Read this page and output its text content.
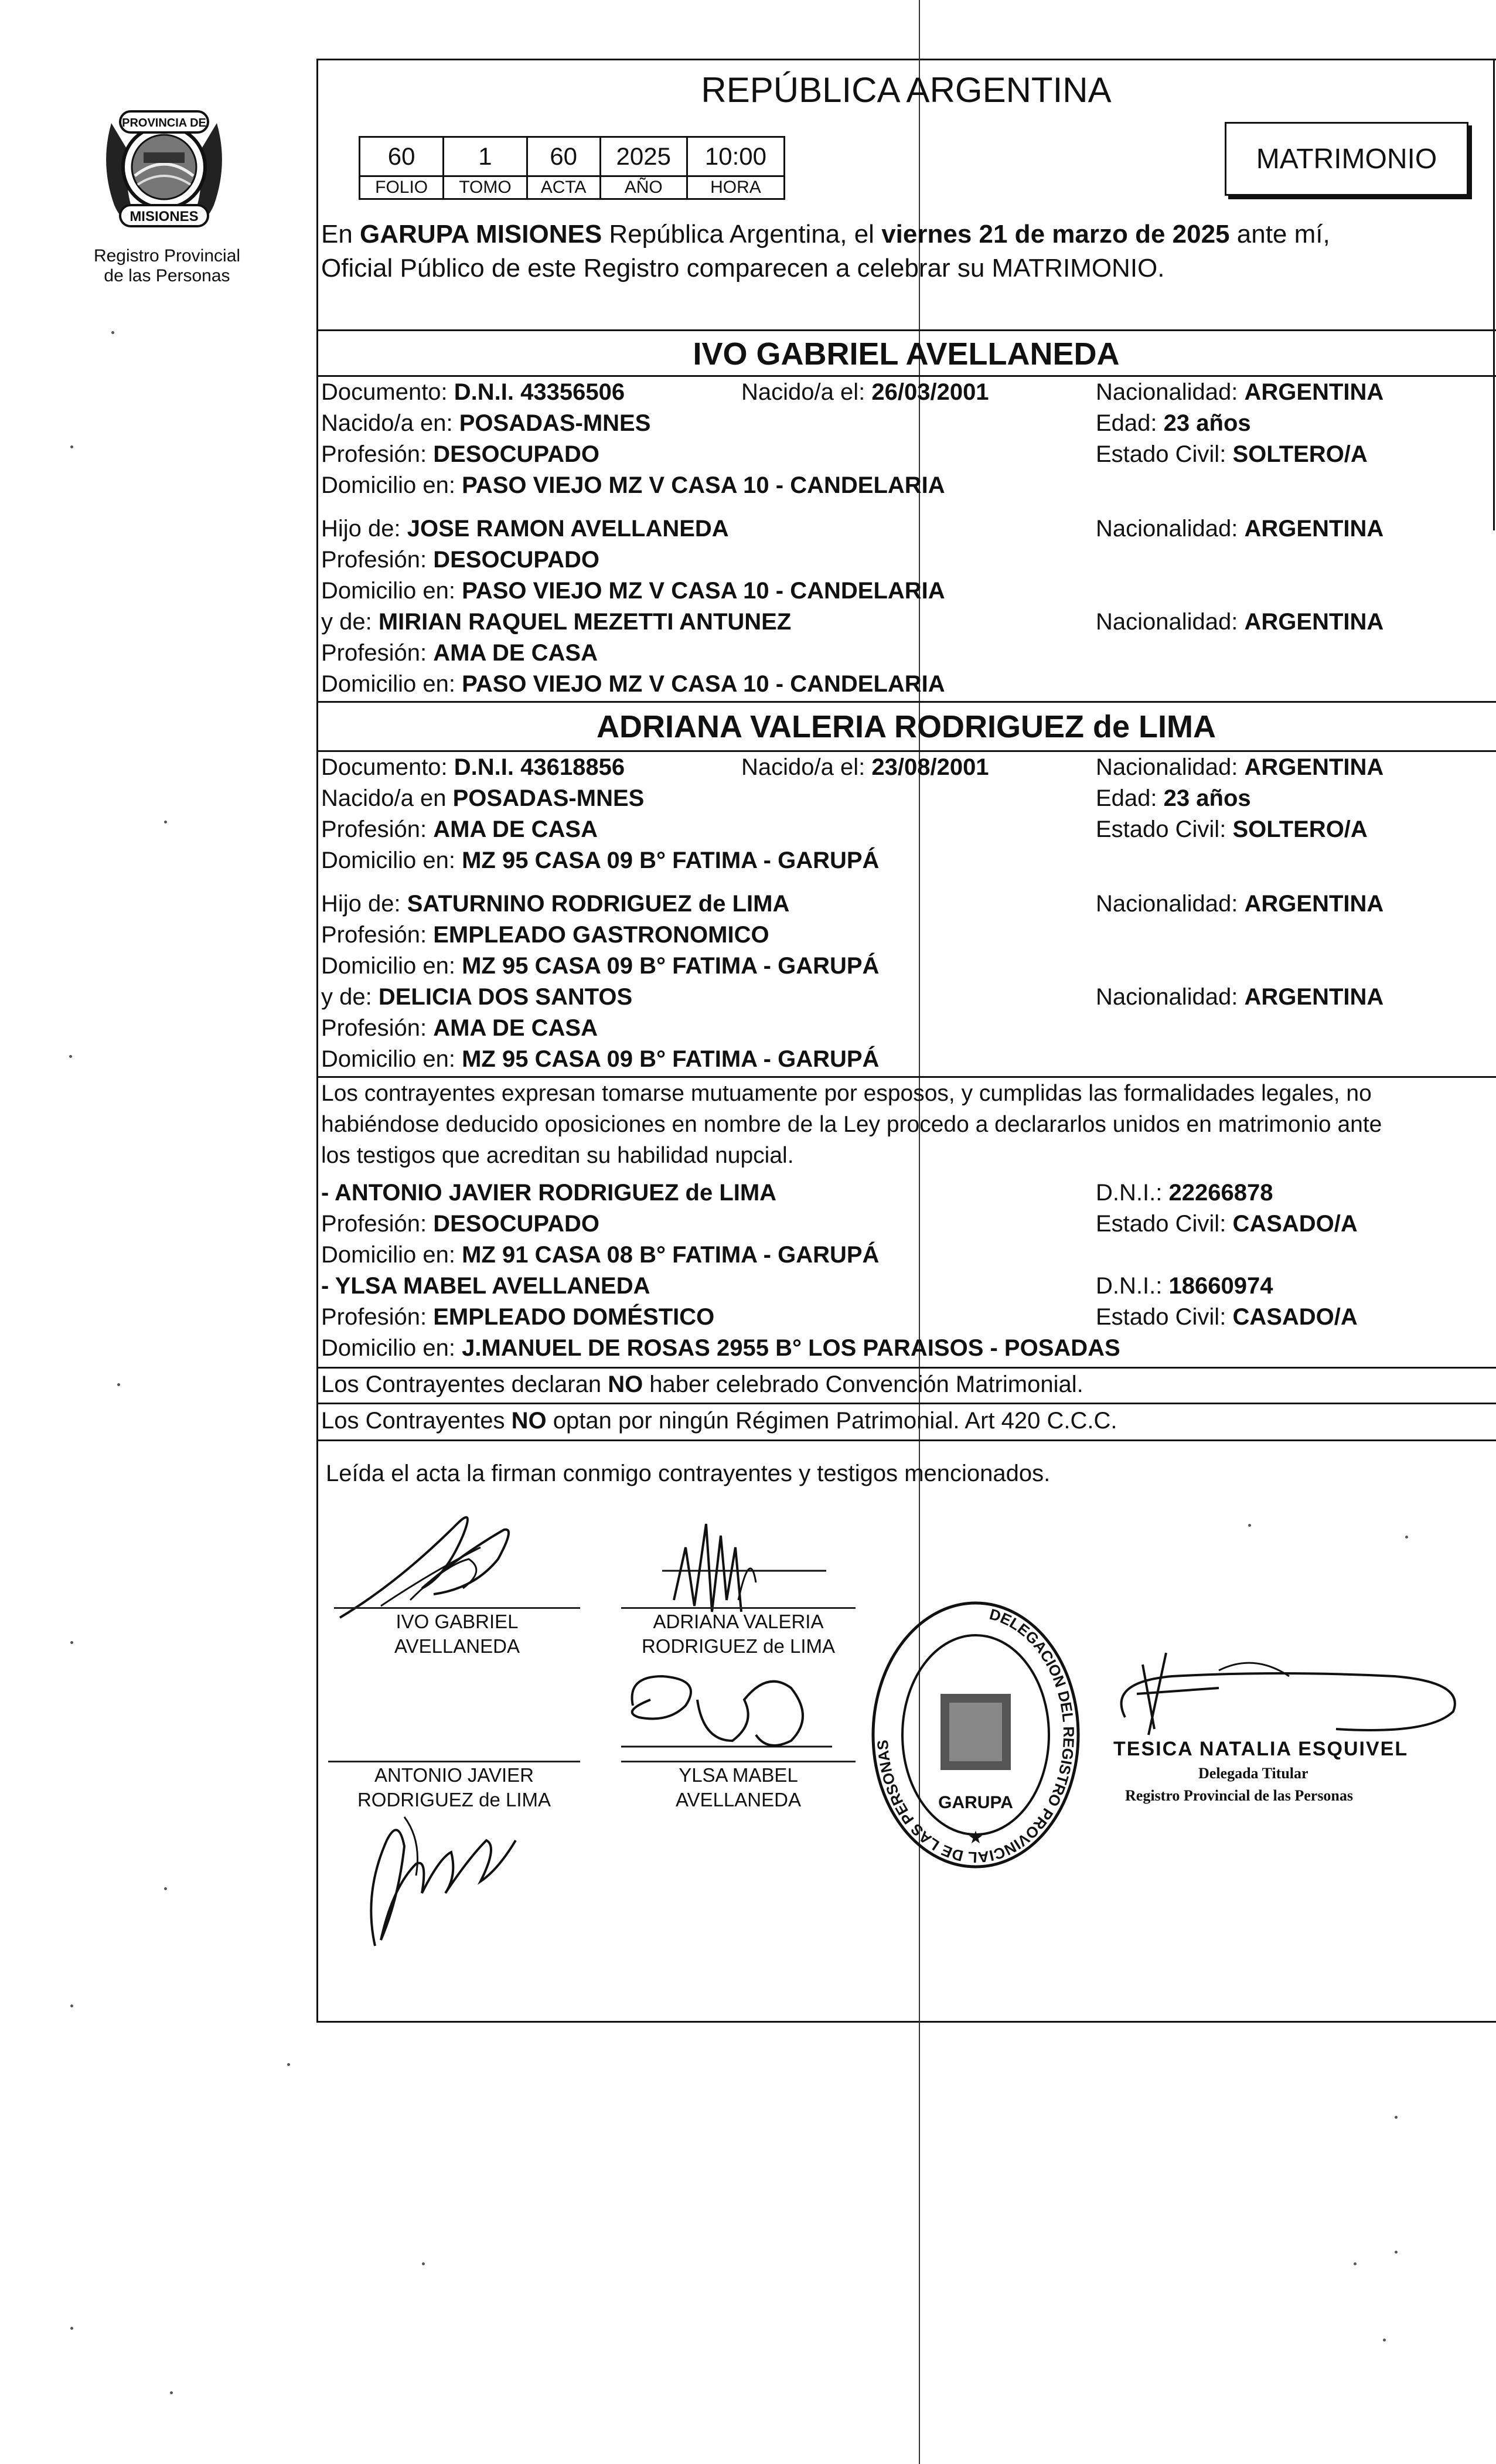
PROVINCIA DE
MISIONES
Registro Provincial
de las Personas
REPÚBLICA ARGENTINA
60	1	60	2025	10:00
FOLIO	TOMO	ACTA	AÑO	HORA
MATRIMONIO
En GARUPA MISIONES República Argentina, el viernes 21 de marzo de 2025 ante mí,
Oficial Público de este Registro comparecen a celebrar su MATRIMONIO.
IVO GABRIEL AVELLANEDA
Documento: D.N.I. 43356506	Nacido/a el: 26/03/2001	Nacionalidad: ARGENTINA
Nacido/a en: POSADAS-MNES	Edad: 23 años
Profesión: DESOCUPADO	Estado Civil: SOLTERO/A
Domicilio en: PASO VIEJO MZ V CASA 10 - CANDELARIA
Hijo de: JOSE RAMON AVELLANEDA	Nacionalidad: ARGENTINA
Profesión: DESOCUPADO
Domicilio en: PASO VIEJO MZ V CASA 10 - CANDELARIA
y de: MIRIAN RAQUEL MEZETTI ANTUNEZ	Nacionalidad: ARGENTINA
Profesión: AMA DE CASA
Domicilio en: PASO VIEJO MZ V CASA 10 - CANDELARIA
ADRIANA VALERIA RODRIGUEZ de LIMA
Documento: D.N.I. 43618856	Nacido/a el: 23/08/2001	Nacionalidad: ARGENTINA
Nacido/a en POSADAS-MNES	Edad: 23 años
Profesión: AMA DE CASA	Estado Civil: SOLTERO/A
Domicilio en: MZ 95 CASA 09 B° FATIMA - GARUPÁ
Hijo de: SATURNINO RODRIGUEZ de LIMA	Nacionalidad: ARGENTINA
Profesión: EMPLEADO GASTRONOMICO
Domicilio en: MZ 95 CASA 09 B° FATIMA - GARUPÁ
y de: DELICIA DOS SANTOS	Nacionalidad: ARGENTINA
Profesión: AMA DE CASA
Domicilio en: MZ 95 CASA 09 B° FATIMA - GARUPÁ
Los contrayentes expresan tomarse mutuamente por esposos, y cumplidas las formalidades legales, no
habiéndose deducido oposiciones en nombre de la Ley procedo a declararlos unidos en matrimonio ante
los testigos que acreditan su habilidad nupcial.
- ANTONIO JAVIER RODRIGUEZ de LIMA	D.N.I.: 22266878
Profesión: DESOCUPADO	Estado Civil: CASADO/A
Domicilio en: MZ 91 CASA 08 B° FATIMA - GARUPÁ
- YLSA MABEL AVELLANEDA	D.N.I.: 18660974
Profesión: EMPLEADO DOMÉSTICO	Estado Civil: CASADO/A
Domicilio en: J.MANUEL DE ROSAS 2955 B° LOS PARAISOS - POSADAS
Los Contrayentes declaran NO haber celebrado Convención Matrimonial.
Los Contrayentes NO optan por ningún Régimen Patrimonial. Art 420 C.C.C.
Leída el acta la firman conmigo contrayentes y testigos mencionados.
IVO GABRIEL
AVELLANEDA
ADRIANA VALERIA
RODRIGUEZ de LIMA
YLSA MABEL
AVELLANEDA
ANTONIO JAVIER
RODRIGUEZ de LIMA
DELEGACION DEL REGISTRO PROVINCIAL DE LAS PERSONAS
GARUPA
★
TESICA NATALIA ESQUIVEL
Delegada Titular
Registro Provincial de las Personas
